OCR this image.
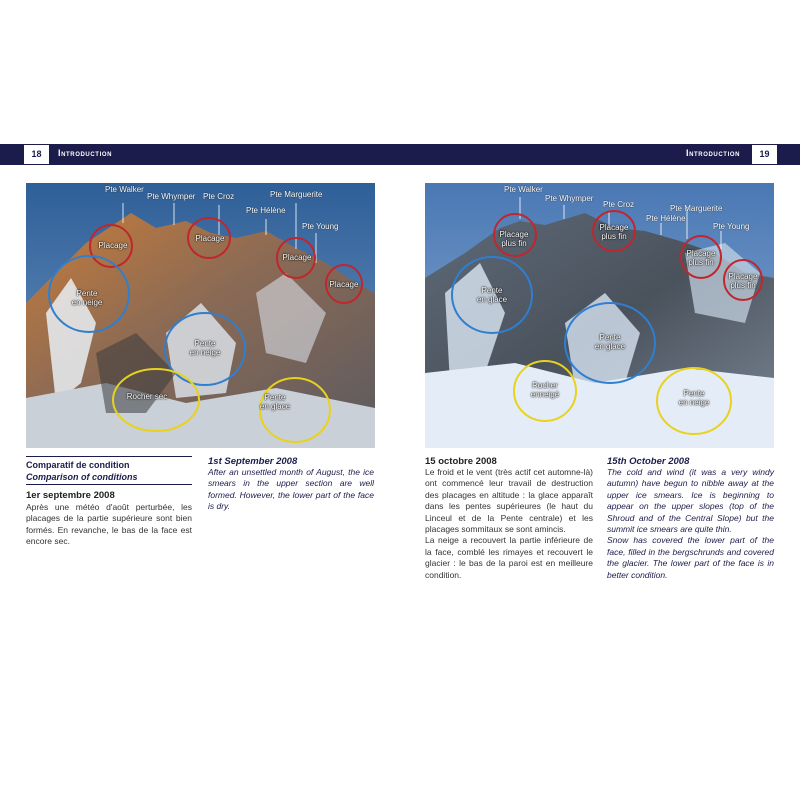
18	Introduction	Introduction	19
Pte Walker
Pte Whymper Pte Croz
Pte Hélène
Pte Marguerite
Pte Young
Placage
Placage
Placage
Placage
Pente
en neige
Pente
en neige
Rocher sec	Pente
en glace
Pte Walker
Pte Whymper
Pte Croz	Pte Marguerite
Pte Hélène
Pte Young
Placage
plus fin
Placage
plus fin
Placage
plus fin
Placage
plus fin
Pente
en glace
Pente
en glace
Rocher
enneigé	Pente
en neige
Comparatif de condition
Comparison of conditions
1er septembre 2008

Après une météo d'août perturbée, les placages de la partie supérieure sont bien formés. En revanche, le bas de la face est encore sec.

1st September 2008

After an unsettled month of August, the ice smears in the upper section are well formed. However, the lower part of the face is dry.

15 octobre 2008

Le froid et le vent (très actif cet automne-là) ont commencé leur travail de destruction des placages en altitude : la glace apparaît dans les pentes supérieures (le haut du Linceul et de la Pente centrale) et les placages sommitaux se sont amincis.

La neige a recouvert la partie inférieure de la face, comblé les rimayes et recouvert le glacier : le bas de la paroi est en meilleure condition.

15th October 2008

The cold and wind (it was a very windy autumn) have begun to nibble away at the upper ice smears. Ice is beginning to appear on the upper slopes (top of the Shroud and of the Central Slope) but the summit ice smears are quite thin.

Snow has covered the lower part of the face, filled in the bergschrunds and covered the glacier. The lower part of the face is in better condition.
